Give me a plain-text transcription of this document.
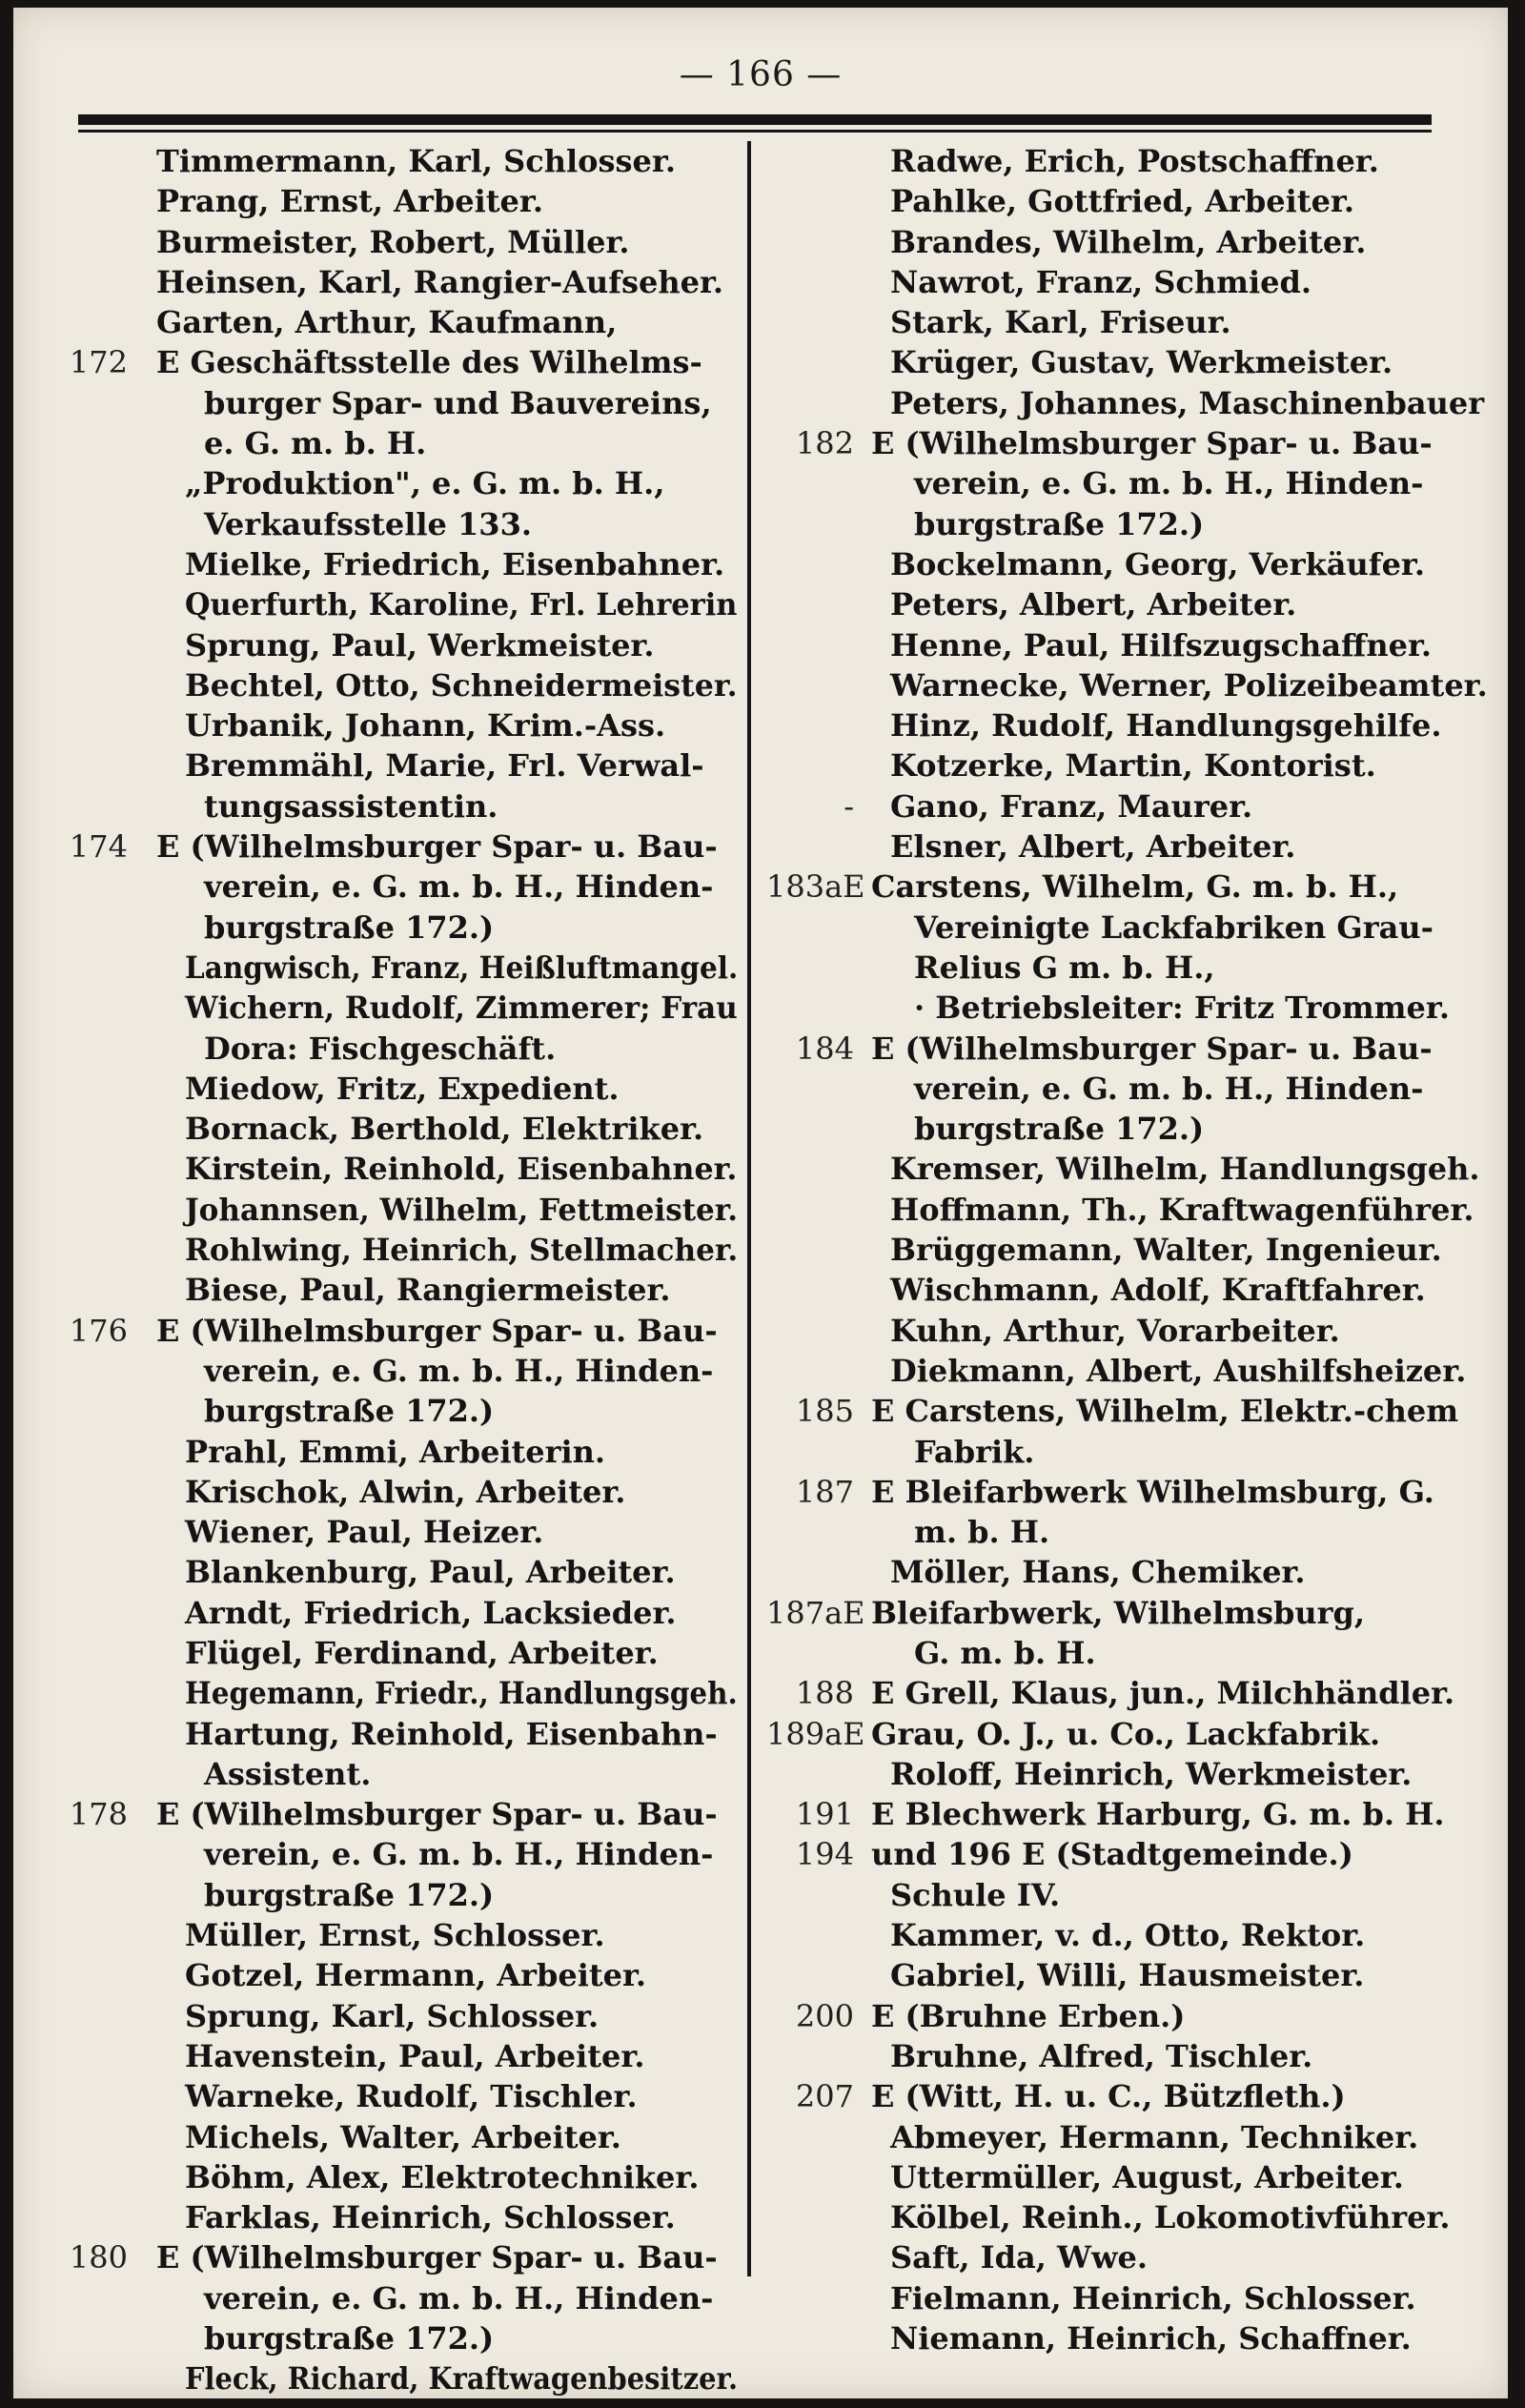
— 166 —
Timmermann, Karl, Schlosser.
Prang, Ernst, Arbeiter.
Burmeister, Robert, Müller.
Heinsen, Karl, Rangier-Aufseher.
Garten, Arthur, Kaufmann,
172 E Geschäftsstelle des Wilhelms-
burger Spar- und Bauvereins,
e. G. m. b. H.
„Produktion", e. G. m. b. H.,
Verkaufsstelle 133.
Mielke, Friedrich, Eisenbahner.
Querfurth, Karoline, Frl. Lehrerin
Sprung, Paul, Werkmeister.
Bechtel, Otto, Schneidermeister.
Urbanik, Johann, Krim.-Ass.
Bremmähl, Marie, Frl. Verwal-
tungsassistentin.
174 E (Wilhelmsburger Spar- u. Bau-
verein, e. G. m. b. H., Hinden-
burgstraße 172.)
Langwisch, Franz, Heißluftmangel.
Wichern, Rudolf, Zimmerer; Frau
Dora: Fischgeschäft.
Miedow, Fritz, Expedient.
Bornack, Berthold, Elektriker.
Kirstein, Reinhold, Eisenbahner.
Johannsen, Wilhelm, Fettmeister.
Rohlwing, Heinrich, Stellmacher.
Biese, Paul, Rangiermeister.
176 E (Wilhelmsburger Spar- u. Bau-
verein, e. G. m. b. H., Hinden-
burgstraße 172.)
Prahl, Emmi, Arbeiterin.
Krischok, Alwin, Arbeiter.
Wiener, Paul, Heizer.
Blankenburg, Paul, Arbeiter.
Arndt, Friedrich, Lacksieder.
Flügel, Ferdinand, Arbeiter.
Hegemann, Friedr., Handlungsgeh.
Hartung, Reinhold, Eisenbahn-
Assistent.
178 E (Wilhelmsburger Spar- u. Bau-
verein, e. G. m. b. H., Hinden-
burgstraße 172.)
Müller, Ernst, Schlosser.
Gotzel, Hermann, Arbeiter.
Sprung, Karl, Schlosser.
Havenstein, Paul, Arbeiter.
Warneke, Rudolf, Tischler.
Michels, Walter, Arbeiter.
Böhm, Alex, Elektrotechniker.
Farklas, Heinrich, Schlosser.
180 E (Wilhelmsburger Spar- u. Bau-
verein, e. G. m. b. H., Hinden-
burgstraße 172.)
Fleck, Richard, Kraftwagenbesitzer.
Radwe, Erich, Postschaffner.
Pahlke, Gottfried, Arbeiter.
Brandes, Wilhelm, Arbeiter.
Nawrot, Franz, Schmied.
Stark, Karl, Friseur.
Krüger, Gustav, Werkmeister.
Peters, Johannes, Maschinenbauer
182 E (Wilhelmsburger Spar- u. Bau-
verein, e. G. m. b. H., Hinden-
burgstraße 172.)
Bockelmann, Georg, Verkäufer.
Peters, Albert, Arbeiter.
Henne, Paul, Hilfszugschaffner.
Warnecke, Werner, Polizeibeamter.
Hinz, Rudolf, Handlungsgehilfe.
Kotzerke, Martin, Kontorist.
- Gano, Franz, Maurer.
Elsner, Albert, Arbeiter.
183aE Carstens, Wilhelm, G. m. b. H.,
Vereinigte Lackfabriken Grau-
Relius G m. b. H.,
· Betriebsleiter: Fritz Trommer.
184 E (Wilhelmsburger Spar- u. Bau-
verein, e. G. m. b. H., Hinden-
burgstraße 172.)
Kremser, Wilhelm, Handlungsgeh.
Hoffmann, Th., Kraftwagenführer.
Brüggemann, Walter, Ingenieur.
Wischmann, Adolf, Kraftfahrer.
Kuhn, Arthur, Vorarbeiter.
Diekmann, Albert, Aushilfsheizer.
185 E Carstens, Wilhelm, Elektr.-chem
Fabrik.
187 E Bleifarbwerk Wilhelmsburg, G.
m. b. H.
Möller, Hans, Chemiker.
187aE Bleifarbwerk, Wilhelmsburg,
G. m. b. H.
188 E Grell, Klaus, jun., Milchhändler.
189aE Grau, O. J., u. Co., Lackfabrik.
Roloff, Heinrich, Werkmeister.
191 E Blechwerk Harburg, G. m. b. H.
194 und 196 E (Stadtgemeinde.)
Schule IV.
Kammer, v. d., Otto, Rektor.
Gabriel, Willi, Hausmeister.
200 E (Bruhne Erben.)
Bruhne, Alfred, Tischler.
207 E (Witt, H. u. C., Bützfleth.)
Abmeyer, Hermann, Techniker.
Uttermüller, August, Arbeiter.
Kölbel, Reinh., Lokomotivführer.
Saft, Ida, Wwe.
Fielmann, Heinrich, Schlosser.
Niemann, Heinrich, Schaffner.
